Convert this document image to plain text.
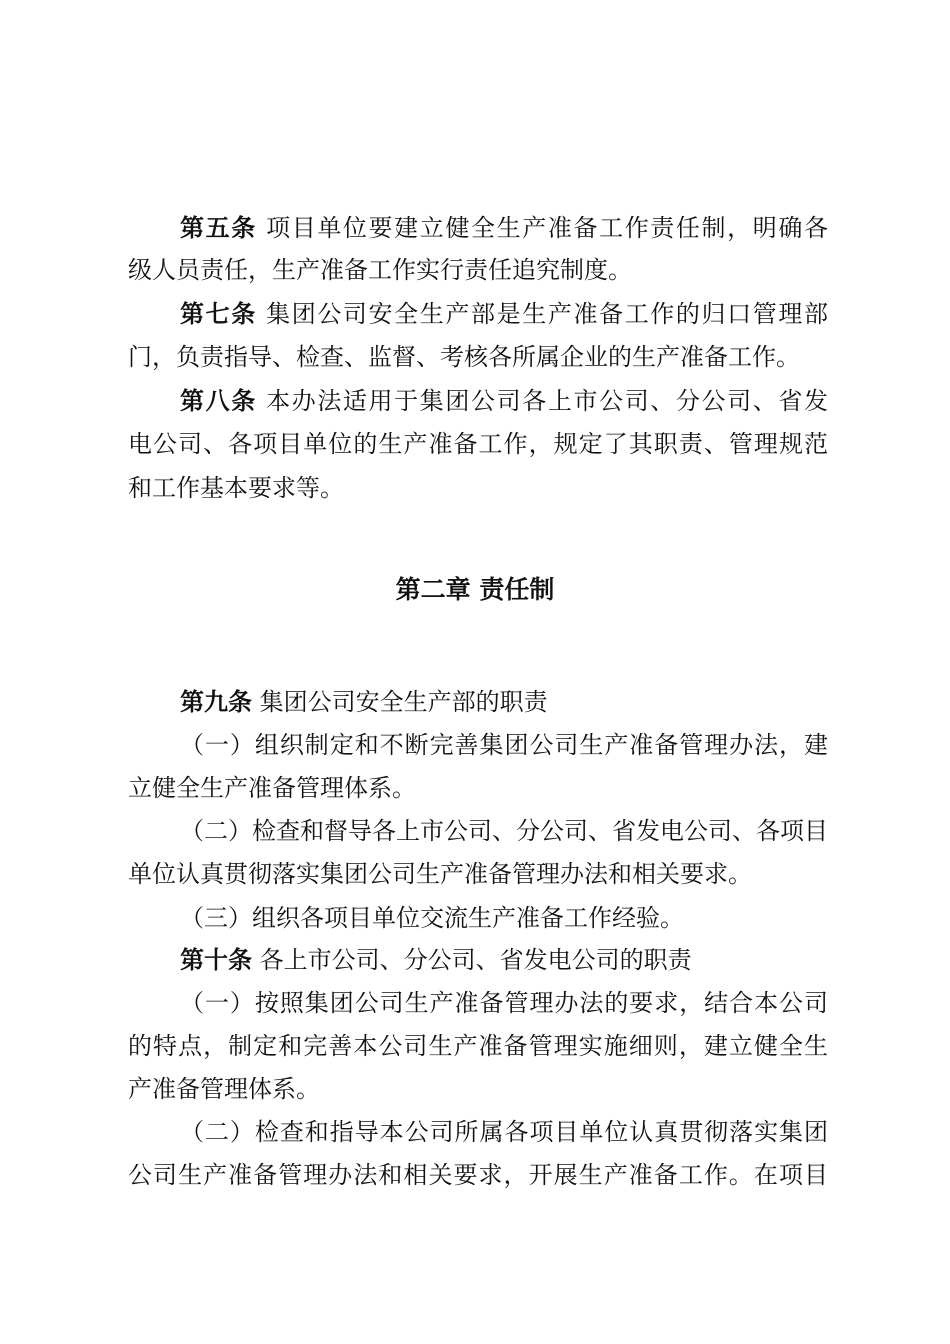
第五条 项目单位要建立健全生产准备工作责任制，明确各
级人员责任，生产准备工作实行责任追究制度。
第七条 集团公司安全生产部是生产准备工作的归口管理部
门，负责指导、检查、监督、考核各所属企业的生产准备工作。
第八条 本办法适用于集团公司各上市公司、分公司、省发
电公司、各项目单位的生产准备工作，规定了其职责、管理规范
和工作基本要求等。
第二章 责任制
第九条 集团公司安全生产部的职责
（一）组织制定和不断完善集团公司生产准备管理办法，建
立健全生产准备管理体系。
（二）检查和督导各上市公司、分公司、省发电公司、各项目
单位认真贯彻落实集团公司生产准备管理办法和相关要求。
（三）组织各项目单位交流生产准备工作经验。
第十条 各上市公司、分公司、省发电公司的职责
（一）按照集团公司生产准备管理办法的要求，结合本公司
的特点，制定和完善本公司生产准备管理实施细则，建立健全生
产准备管理体系。
（二）检查和指导本公司所属各项目单位认真贯彻落实集团
公司生产准备管理办法和相关要求，开展生产准备工作。在项目
